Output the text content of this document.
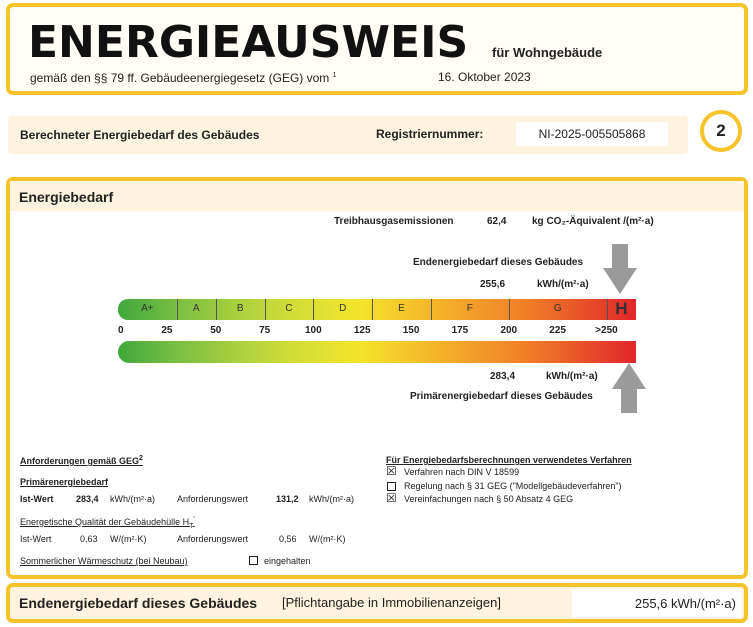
ENERGIEAUSWEIS für Wohngebäude
gemäß den §§ 79 ff. Gebäudeenergiegesetz (GEG) vom $^1$	16. Oktober 2023
Berechneter Energiebedarf des Gebäudes	Registriernummer:	NI-2025-005505868	2
Energiebedarf
Treibhausgasemissionen	62,4	kg CO₂-Äquivalent /(m²·a)
Endenergiebedarf dieses Gebäudes
255,6	kWh/(m²·a)
A+	A	B	C	D	E	F	G	H
0	25	50	75	100	125	150	175	200	225	>250
283,4	kWh/(m²·a)
Primärenergiebedarf dieses Gebäudes
Anforderungen gemäß GEG$^2$
Primärenergiebedarf
Ist-Wert	283,4 kWh/(m²·a) Anforderungswert	131,2 kWh/(m²·a)
Energetische Qualität der Gebäudehülle $H_T'$
Ist-Wert	0,63 W/(m²·K)	Anforderungswert	0,56 W/(m²·K)
Sommerlicher Wärmeschutz (bei Neubau)	eingehalten
Für Energiebedarfsberechnungen verwendetes Verfahren
☒ Verfahren nach DIN V 18599
Regelung nach § 31 GEG ("Modellgebäudeverfahren")
☒ Vereinfachungen nach § 50 Absatz 4 GEG
Endenergiebedarf dieses Gebäudes [Pflichtangabe in Immobilienanzeigen]	255,6 kWh/(m²·a)
